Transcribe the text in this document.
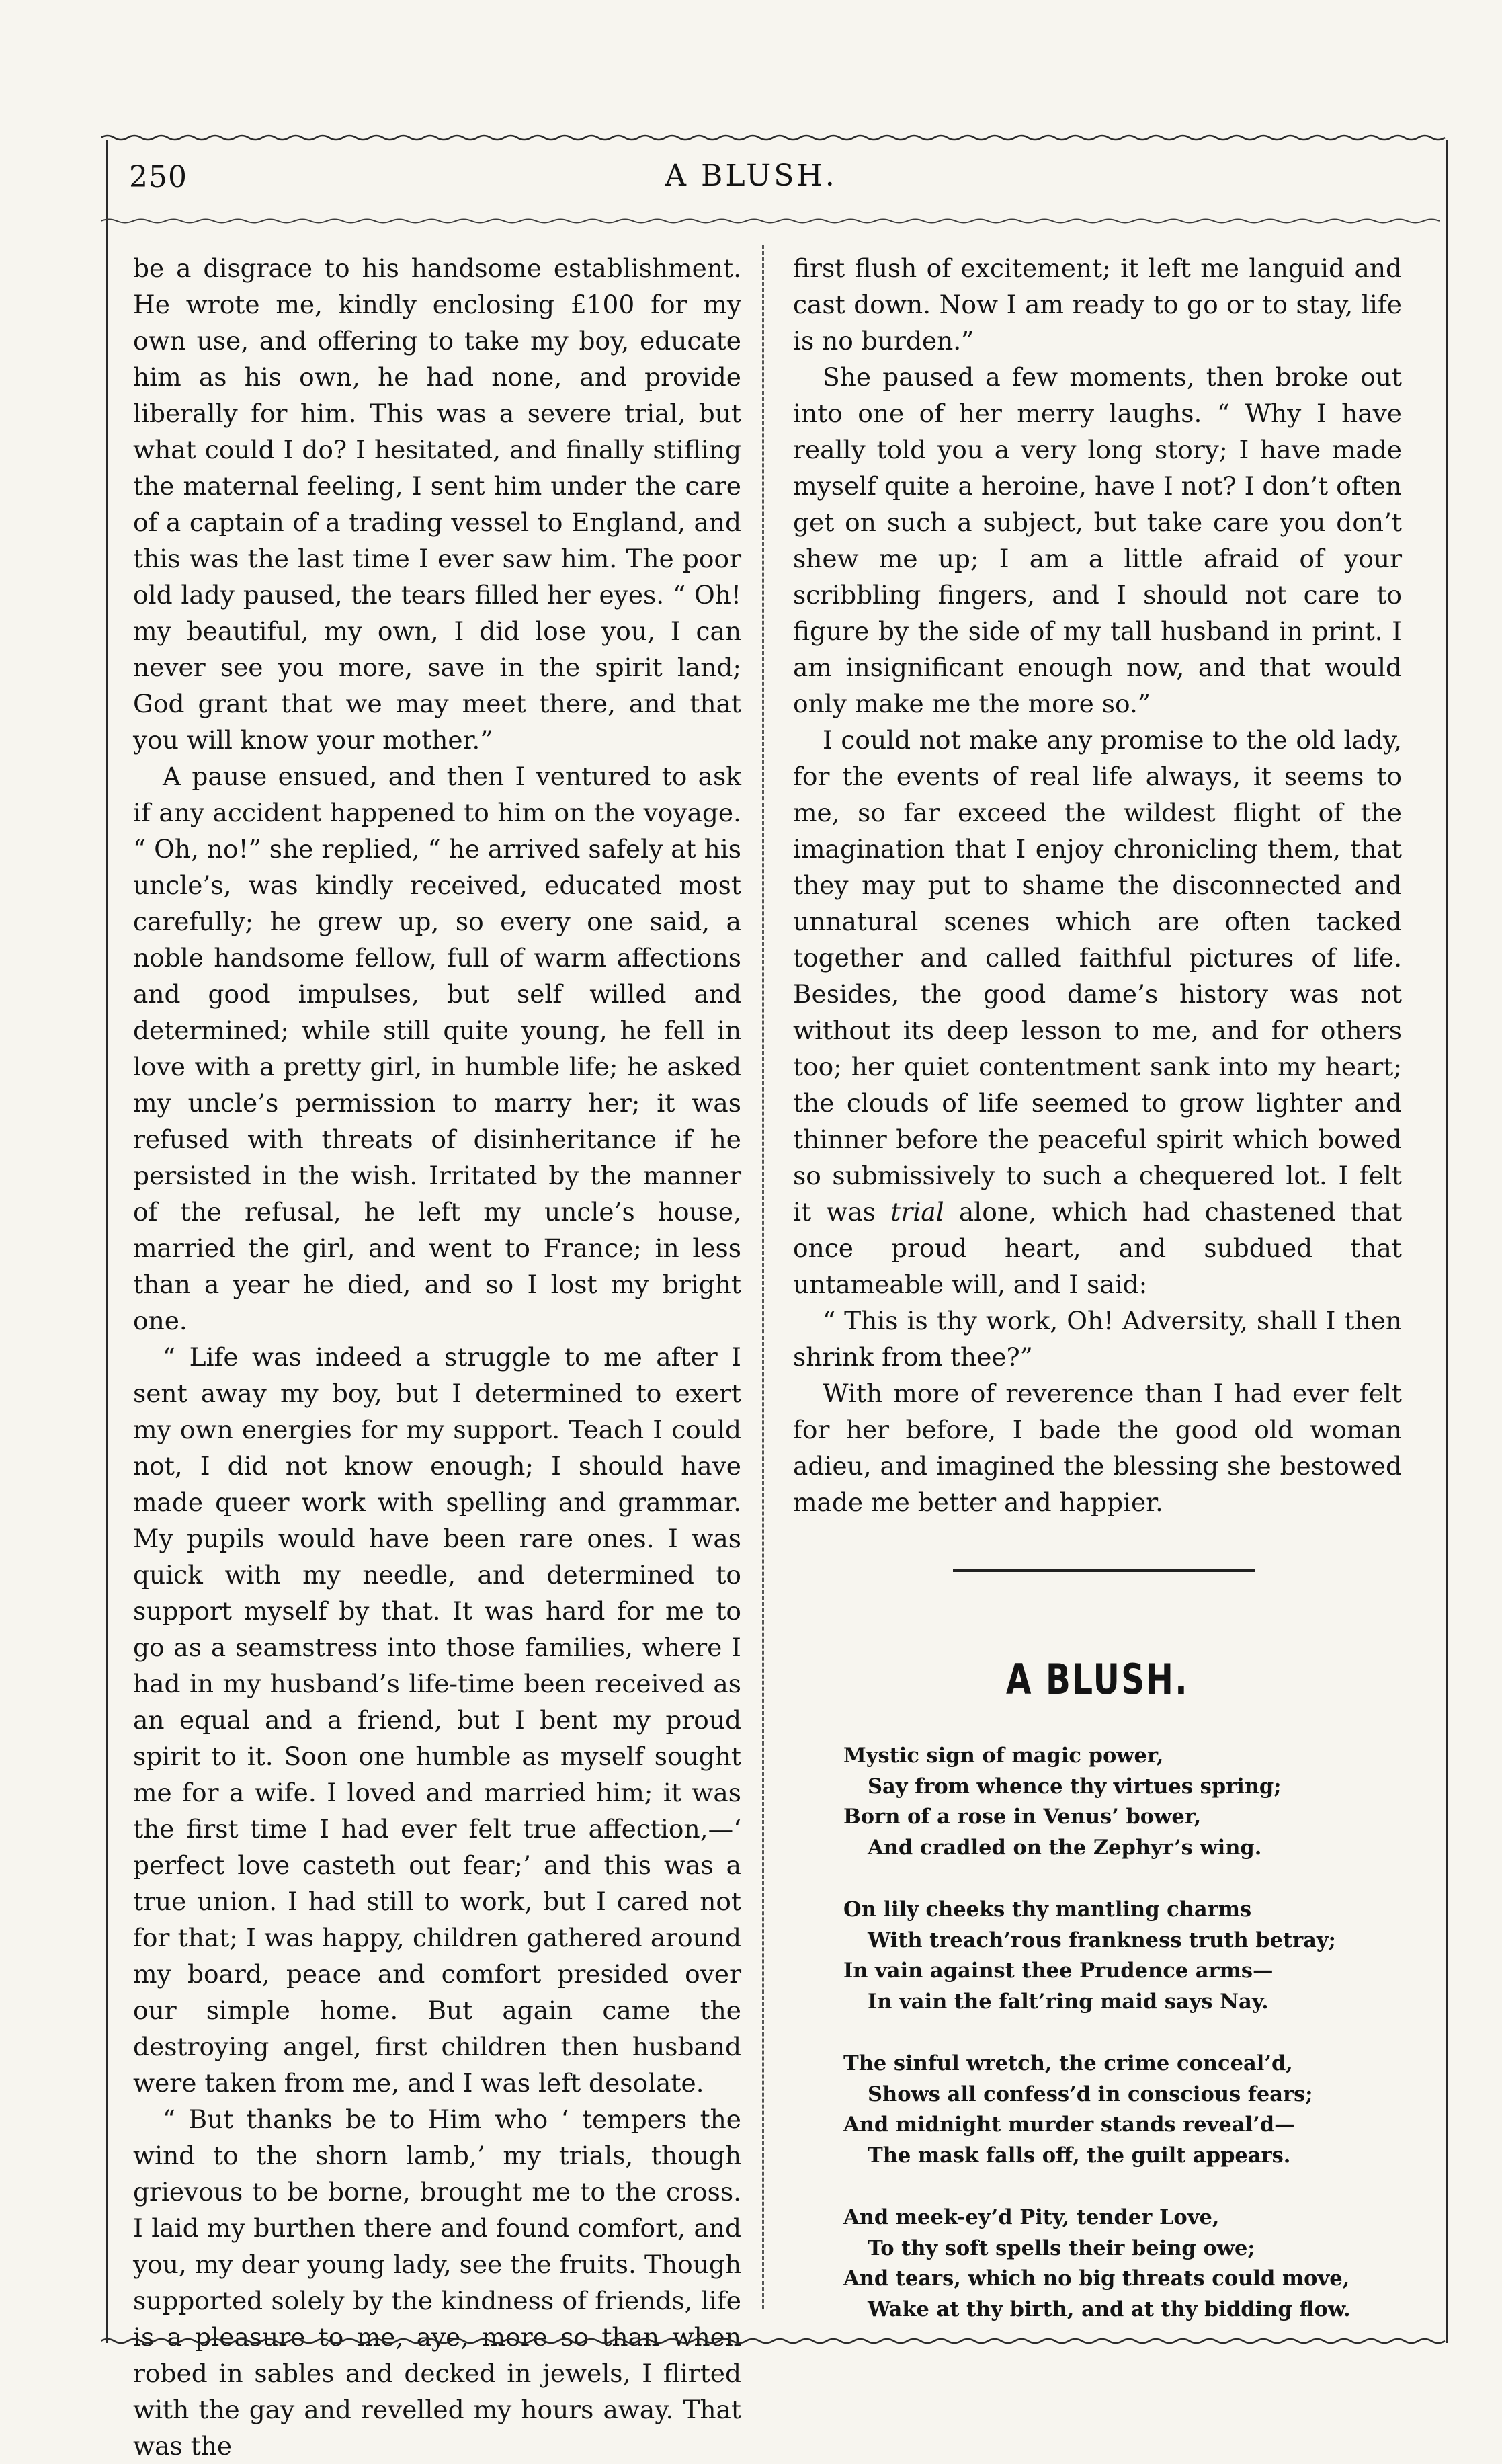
250	A BLUSH.

be a disgrace to his handsome establishment. He wrote me, kindly enclosing £100 for my own use, and offering to take my boy, educate him as his own, he had none, and provide liberally for him. This was a severe trial, but what could I do? I hesitated, and finally stifling the maternal feeling, I sent him under the care of a captain of a trading vessel to England, and this was the last time I ever saw him. The poor old lady paused, the tears filled her eyes. “ Oh! my beautiful, my own, I did lose you, I can never see you more, save in the spirit land; God grant that we may meet there, and that you will know your mother.”

A pause ensued, and then I ventured to ask if any accident happened to him on the voyage. “ Oh, no!” she replied, “ he arrived safely at his uncle’s, was kindly received, educated most carefully; he grew up, so every one said, a noble handsome fellow, full of warm affections and good impulses, but self willed and determined; while still quite young, he fell in love with a pretty girl, in humble life; he asked my uncle’s permission to marry her; it was refused with threats of disinheritance if he persisted in the wish. Irritated by the manner of the refusal, he left my uncle’s house, married the girl, and went to France; in less than a year he died, and so I lost my bright one.

“ Life was indeed a struggle to me after I sent away my boy, but I determined to exert my own energies for my support. Teach I could not, I did not know enough; I should have made queer work with spelling and grammar. My pupils would have been rare ones. I was quick with my needle, and determined to support myself by that. It was hard for me to go as a seamstress into those families, where I had in my husband’s life-time been received as an equal and a friend, but I bent my proud spirit to it. Soon one humble as myself sought me for a wife. I loved and married him; it was the first time I had ever felt true affection,—‘ perfect love casteth out fear;’ and this was a true union. I had still to work, but I cared not for that; I was happy, children gathered around my board, peace and comfort presided over our simple home. But again came the destroying angel, first children then husband were taken from me, and I was left desolate.

“ But thanks be to Him who ‘ tempers the wind to the shorn lamb,’ my trials, though grievous to be borne, brought me to the cross. I laid my burthen there and found comfort, and you, my dear young lady, see the fruits. Though supported solely by the kindness of friends, life is a pleasure to me, aye, more so than when robed in sables and decked in jewels, I flirted with the gay and revelled my hours away. That was the

first flush of excitement; it left me languid and cast down. Now I am ready to go or to stay, life is no burden.”

She paused a few moments, then broke out into one of her merry laughs. “ Why I have really told you a very long story; I have made myself quite a heroine, have I not? I don’t often get on such a subject, but take care you don’t shew me up; I am a little afraid of your scribbling fingers, and I should not care to figure by the side of my tall husband in print. I am insignificant enough now, and that would only make me the more so.”

I could not make any promise to the old lady, for the events of real life always, it seems to me, so far exceed the wildest flight of the imagination that I enjoy chronicling them, that they may put to shame the disconnected and unnatural scenes which are often tacked together and called faithful pictures of life. Besides, the good dame’s history was not without its deep lesson to me, and for others too; her quiet contentment sank into my heart; the clouds of life seemed to grow lighter and thinner before the peaceful spirit which bowed so submissively to such a chequered lot. I felt it was trial alone, which had chastened that once proud heart, and subdued that untameable will, and I said:

“ This is thy work, Oh! Adversity, shall I then shrink from thee?”

With more of reverence than I had ever felt for her before, I bade the good old woman adieu, and imagined the blessing she bestowed made me better and happier.

A BLUSH.
Mystic sign of magic power,
Say from whence thy virtues spring;
Born of a rose in Venus’ bower,
And cradled on the Zephyr’s wing.
On lily cheeks thy mantling charms
With treach’rous frankness truth betray;
In vain against thee Prudence arms—
In vain the falt’ring maid says Nay.
The sinful wretch, the crime conceal’d,
Shows all confess’d in conscious fears;
And midnight murder stands reveal’d—
The mask falls off, the guilt appears.
And meek-ey’d Pity, tender Love,
To thy soft spells their being owe;
And tears, which no big threats could move,
Wake at thy birth, and at thy bidding flow.
